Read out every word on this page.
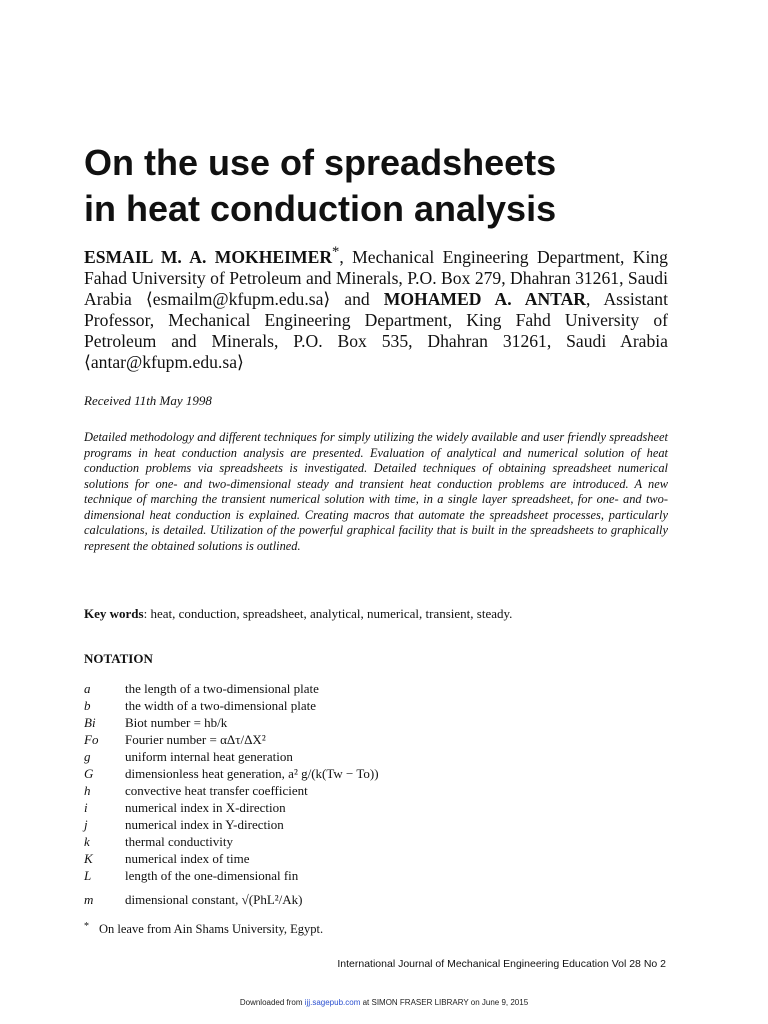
On the use of spreadsheets
in heat conduction analysis

ESMAIL M. A. MOKHEIMER*, Mechanical Engineering Department, King Fahad University of Petroleum and Minerals, P.O. Box 279, Dhahran 31261, Saudi Arabia ⟨esmailm@kfupm.edu.sa⟩ and MOHAMED A. ANTAR, Assistant Professor, Mechanical Engineering Department, King Fahd University of Petroleum and Minerals, P.O. Box 535, Dhahran 31261, Saudi Arabia ⟨antar@kfupm.edu.sa⟩

Received 11th May 1998

Detailed methodology and different techniques for simply utilizing the widely available and user friendly spreadsheet programs in heat conduction analysis are presented. Evaluation of analytical and numerical solution of heat conduction problems via spreadsheets is investigated. Detailed techniques of obtaining spreadsheet numerical solutions for one- and two-dimensional steady and transient heat conduction problems are introduced. A new technique of marching the transient numerical solution with time, in a single layer spreadsheet, for one- and two-dimensional heat conduction is explained. Creating macros that automate the spreadsheet processes, particularly calculations, is detailed. Utilization of the powerful graphical facility that is built in the spreadsheets to graphically represent the obtained solutions is outlined.

Key words: heat, conduction, spreadsheet, analytical, numerical, transient, steady.

NOTATION

a	the length of a two-dimensional plate
b	the width of a two-dimensional plate
Bi	Biot number = hb/k
Fo	Fourier number = αΔτ/ΔX²
g	uniform internal heat generation
G	dimensionless heat generation, a² g/(k(Tw − To))
h	convective heat transfer coefficient
i	numerical index in X-direction
j	numerical index in Y-direction
k	thermal conductivity
K	numerical index of time
L	length of the one-dimensional fin
m	dimensional constant, √(PhL²/Ak)
* On leave from Ain Shams University, Egypt.
International Journal of Mechanical Engineering Education Vol 28 No 2
Downloaded from ijj.sagepub.com at SIMON FRASER LIBRARY on June 9, 2015
